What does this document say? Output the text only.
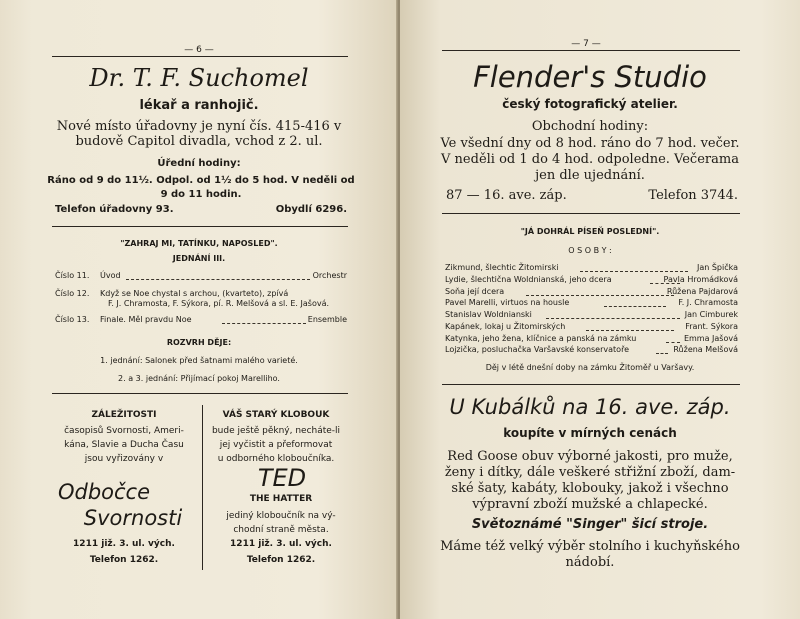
— 6 —
Dr. T. F. Suchomel
lékař a ranhojič.
Nové místo úřadovny je nyní čís. 415-416 v
budově Capitol divadla, vchod z 2. ul.
Úřední hodiny:
Ráno od 9 do 11½. Odpol. od 1½ do 5 hod. V neděli od
9 do 11 hodin.
Telefon úřadovny 93.	Obydlí 6296.
"ZAHRAJ MI, TATÍNKU, NAPOSLED".
JEDNÁNÍ III.
Číslo 11. Úvod	Orchestr
Číslo 12. Když se Noe chystal s archou, (kvarteto), zpívá
F. J. Chramosta, F. Sýkora, pí. R. Melšová a sl. E. Jašová.
Číslo 13. Finale. Měl pravdu Noe	Ensemble
ROZVRH DĚJE:
1. jednání: Salonek před šatnami malého varieté.
2. a 3. jednání: Přijímací pokoj Marelliho.
ZÁLEŽITOSTI
časopisů Svornosti, Ameri-
kána, Slavie a Ducha Času
jsou vyřizovány v
Odbočce
Svornosti
1211 již. 3. ul. vých.
Telefon 1262.
VÁŠ STARÝ KLOBOUK
bude ještě pěkný, necháte-li
jej vyčistit a přeformovat
u odborného kloboučníka.
TED
THE HATTER
jediný kloboučník na vý-
chodní straně města.
1211 již. 3. ul. vých.
Telefon 1262.
— 7 —
Flender's Studio
český fotografický atelier.
Obchodní hodiny:
Ve všední dny od 8 hod. ráno do 7 hod. večer.
V neděli od 1 do 4 hod. odpoledne. Večerama
jen dle ujednání.
87 — 16. ave. záp.	Telefon 3744.
"JÁ DOHRÁL PÍSEŇ POSLEDNÍ".
O S O B Y :
Zikmund, šlechtic Žitomirski	Jan Špička
Lydie, šlechtična Woldnianská, jeho dcera	Pavla Hromádková
Soňa její dcera	Růžena Pajdarová
Pavel Marelli, virtuos na housle	F. J. Chramosta
Stanislav Woldnianski	Jan Cimburek
Kapánek, lokaj u Žitomirských	Frant. Sýkora
Katynka, jeho žena, klíčnice a panská na zámku	Emma Jašová
Lojzička, posluchačka Varšavské konservatoře	Růžena Melšová
Děj v létě dnešní doby na zámku Žitoměř u Varšavy.
U Kubálků na 16. ave. záp.
koupíte v mírných cenách
Red Goose obuv výborné jakosti, pro muže,
ženy i dítky, dále veškeré střižní zboží, dam-
ské šaty, kabáty, klobouky, jakož i všechno
výpravní zboží mužské a chlapecké.
Světoznámé "Singer" šicí stroje.
Máme též velký výběr stolního i kuchyňského
nádobí.
